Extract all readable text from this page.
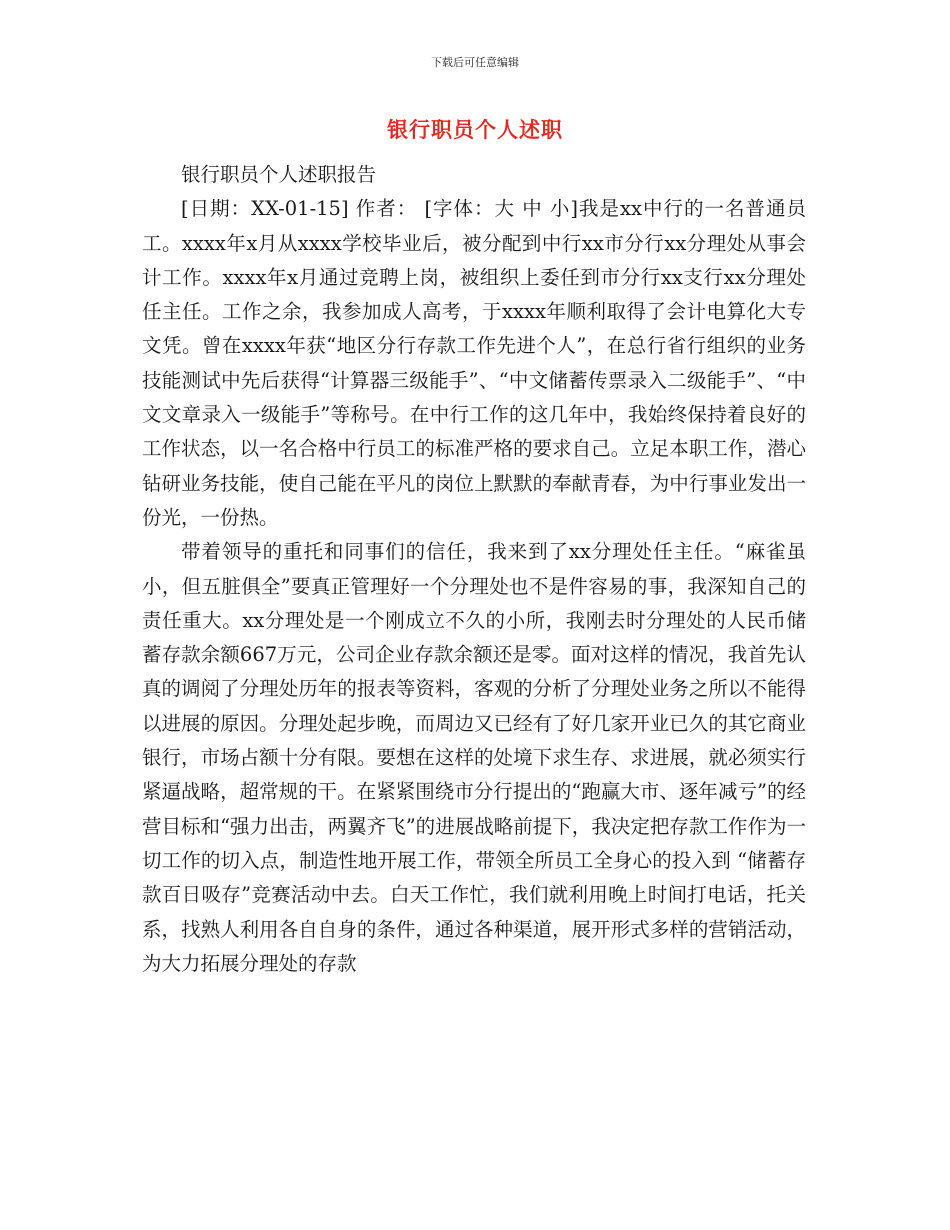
下载后可任意编辑
银行职员个人述职

银行职员个人述职报告

[日期：XX-01-15] 作者： [字体：大 中 小]我是xx中行的一名普通员工。xxxx年x月从xxxx学校毕业后，被分配到中行xx市分行xx分理处从事会计工作。xxxx年x月通过竞聘上岗，被组织上委任到市分行xx支行xx分理处任主任。工作之余，我参加成人高考，于xxxx年顺利取得了会计电算化大专文凭。曾在xxxx年获“地区分行存款工作先进个人”，在总行省行组织的业务技能测试中先后获得“计算器三级能手”、“中文储蓄传票录入二级能手”、“中文文章录入一级能手”等称号。在中行工作的这几年中，我始终保持着良好的工作状态，以一名合格中行员工的标准严格的要求自己。立足本职工作，潜心钻研业务技能，使自己能在平凡的岗位上默默的奉献青春，为中行事业发出一份光，一份热。

带着领导的重托和同事们的信任，我来到了xx分理处任主任。“麻雀虽小，但五脏俱全”要真正管理好一个分理处也不是件容易的事，我深知自己的责任重大。xx分理处是一个刚成立不久的小所，我刚去时分理处的人民币储蓄存款余额667万元，公司企业存款余额还是零。面对这样的情况，我首先认真的调阅了分理处历年的报表等资料，客观的分析了分理处业务之所以不能得以进展的原因。分理处起步晚，而周边又已经有了好几家开业已久的其它商业银行，市场占额十分有限。要想在这样的处境下求生存、求进展，就必须实行紧逼战略，超常规的干。在紧紧围绕市分行提出的“跑赢大市、逐年减亏”的经营目标和“强力出击，两翼齐飞”的进展战略前提下，我决定把存款工作作为一切工作的切入点，制造性地开展工作，带领全所员工全身心的投入到 “储蓄存款百日吸存”竞赛活动中去。白天工作忙，我们就利用晚上时间打电话，托关系，找熟人利用各自自身的条件，通过各种渠道，展开形式多样的营销活动，为大力拓展分理处的存款
